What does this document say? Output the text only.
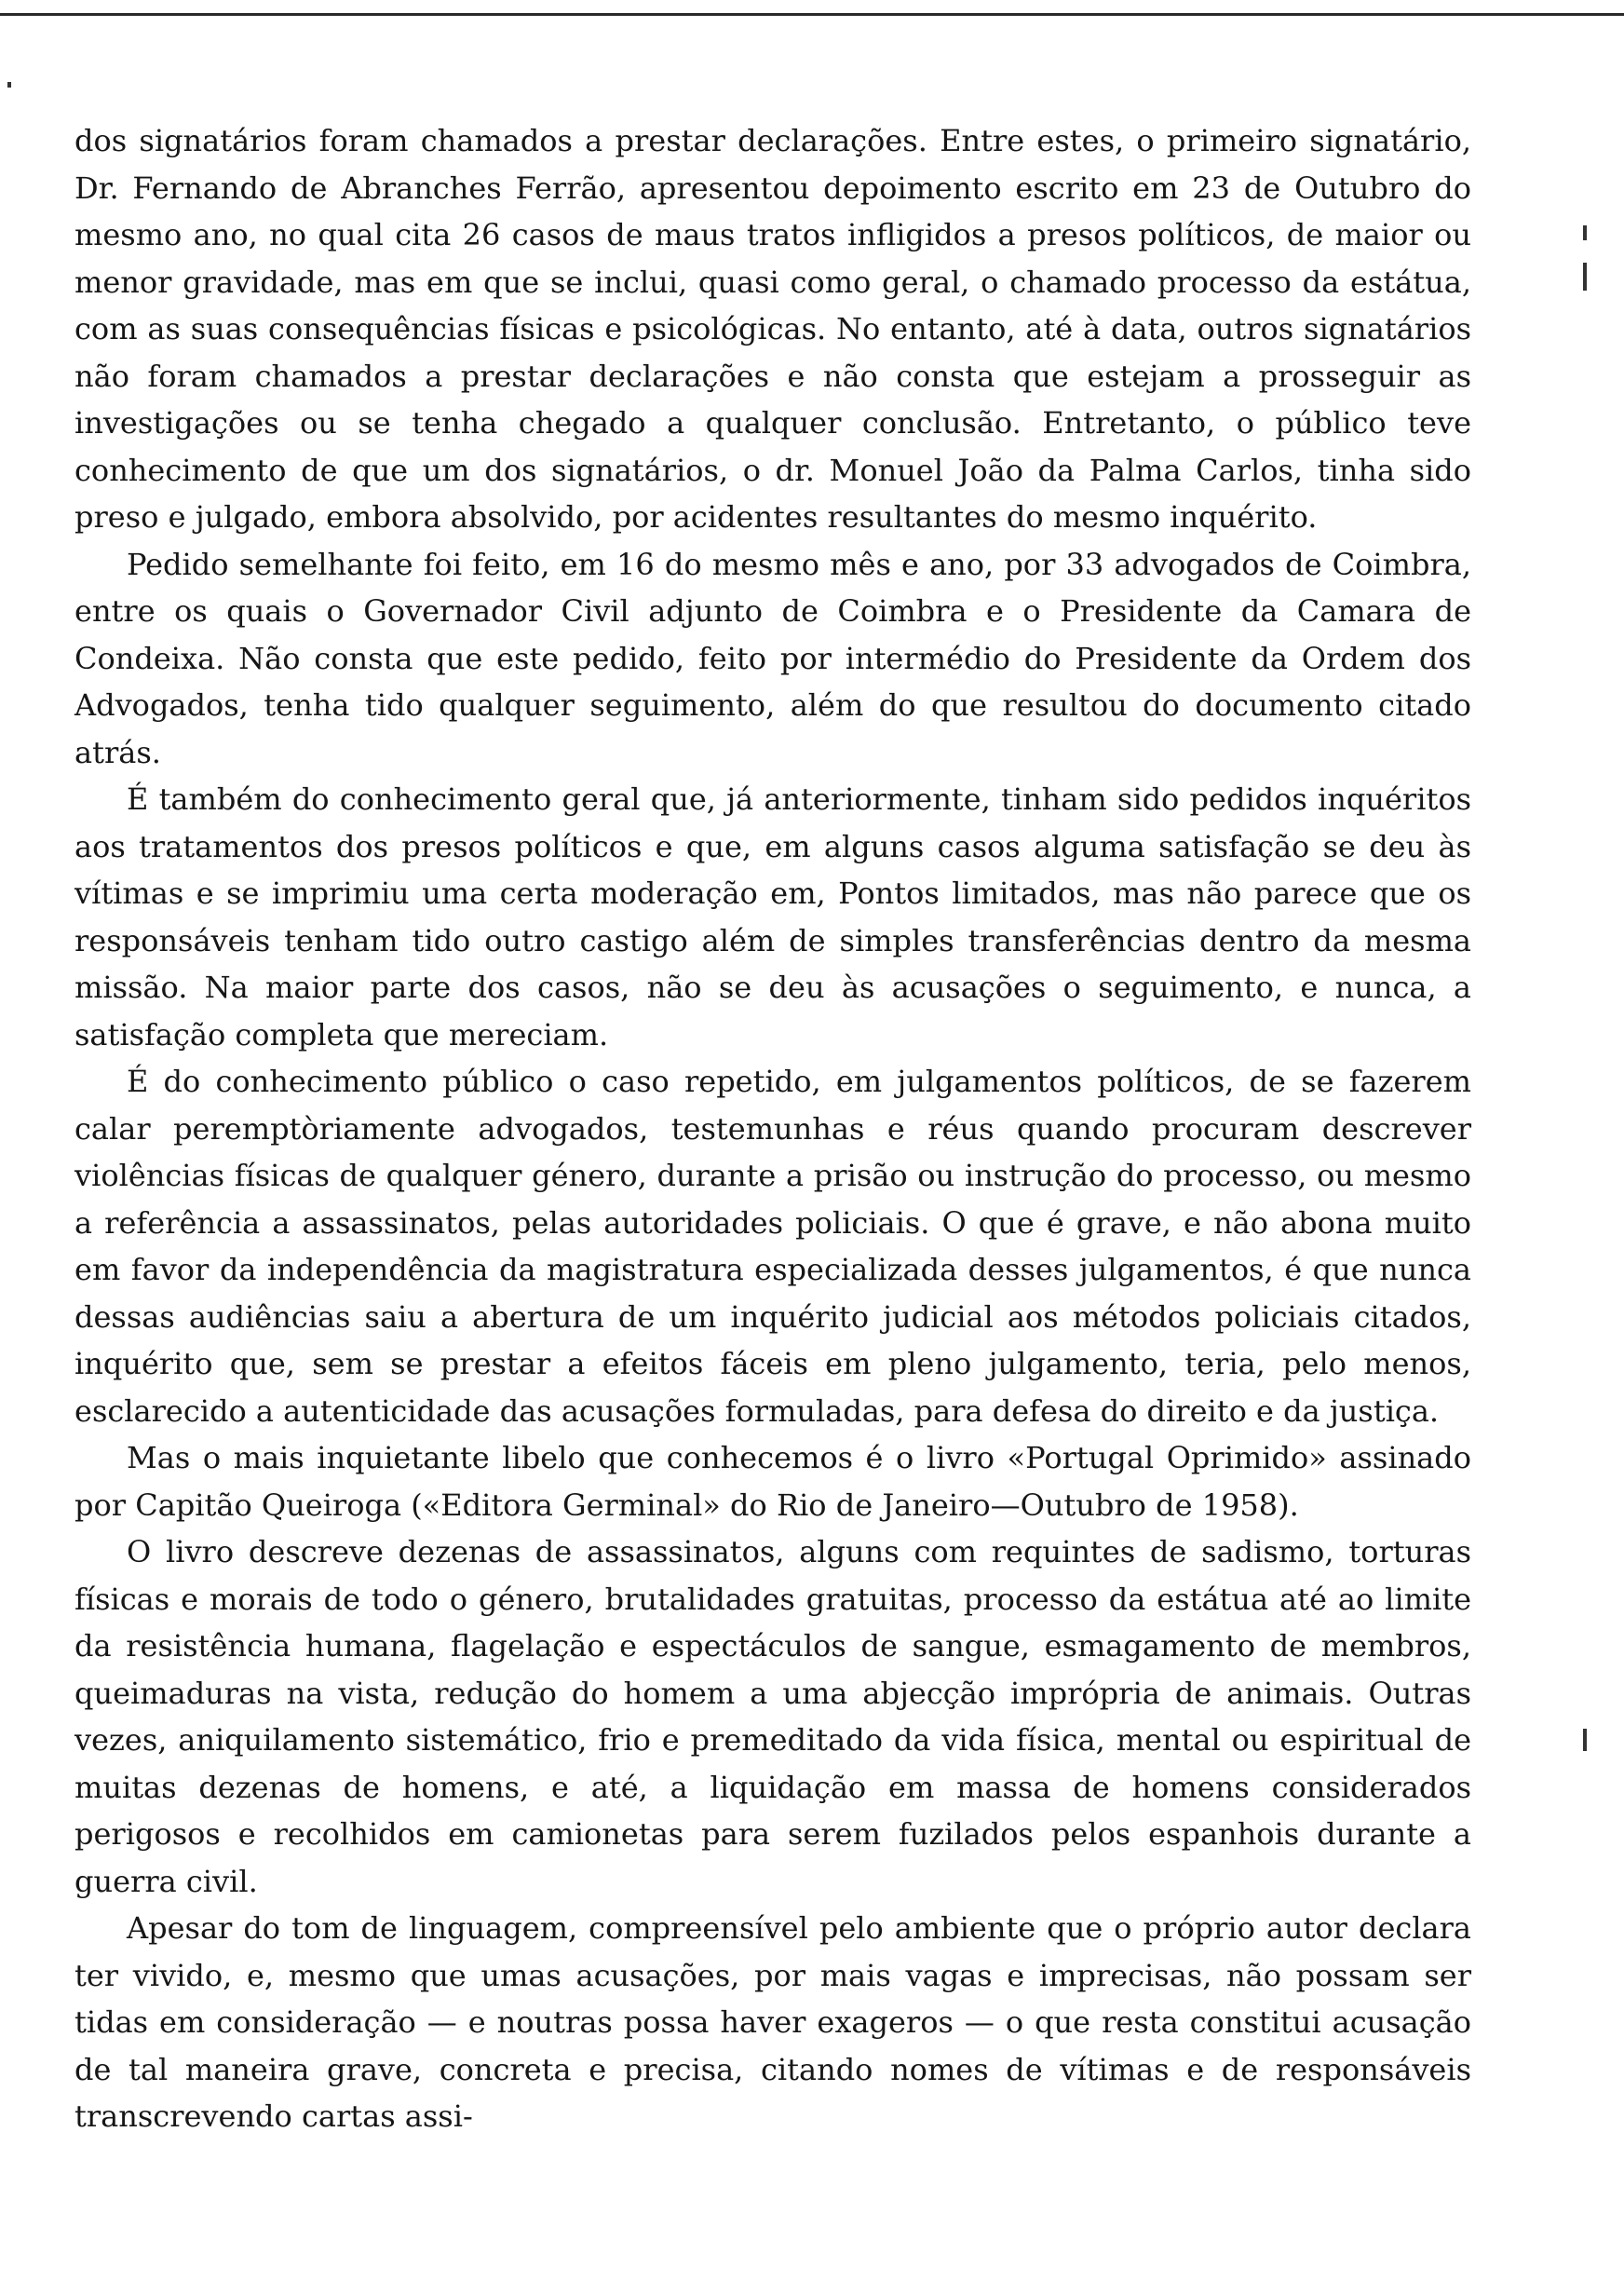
dos signatários foram chamados a prestar declarações. Entre estes, o primeiro signatário, Dr. Fernando de Abranches Ferrão, apresentou depoimento escrito em 23 de Outubro do mesmo ano, no qual cita 26 casos de maus tratos infligidos a presos políticos, de maior ou menor gravidade, mas em que se inclui, quasi como geral, o chamado processo da estátua, com as suas consequências físicas e psicológicas. No entanto, até à data, outros signatários não foram chamados a prestar declarações e não consta que estejam a prosseguir as investigações ou se tenha chegado a qualquer conclusão. Entretanto, o público teve conhecimento de que um dos signatários, o dr. Monuel João da Palma Carlos, tinha sido preso e julgado, embora absolvido, por acidentes resultantes do mesmo inquérito.

Pedido semelhante foi feito, em 16 do mesmo mês e ano, por 33 advogados de Coimbra, entre os quais o Governador Civil adjunto de Coimbra e o Presidente da Camara de Condeixa. Não consta que este pedido, feito por intermédio do Presidente da Ordem dos Advogados, tenha tido qualquer seguimento, além do que resultou do documento citado atrás.

É também do conhecimento geral que, já anteriormente, tinham sido pedidos inquéritos aos tratamentos dos presos políticos e que, em alguns casos alguma satisfação se deu às vítimas e se imprimiu uma certa moderação em, Pontos limitados, mas não parece que os responsáveis tenham tido outro castigo além de simples transferências dentro da mesma missão. Na maior parte dos casos, não se deu às acusações o seguimento, e nunca, a satisfação completa que mereciam.

É do conhecimento público o caso repetido, em julgamentos políticos, de se fazerem calar peremptòriamente advogados, testemunhas e réus quando procuram descrever violências físicas de qualquer género, durante a prisão ou instrução do processo, ou mesmo a referência a assassinatos, pelas autoridades policiais. O que é grave, e não abona muito em favor da independência da magistratura especializada desses julgamentos, é que nunca dessas audiências saiu a abertura de um inquérito judicial aos métodos policiais citados, inquérito que, sem se prestar a efeitos fáceis em pleno julgamento, teria, pelo menos, esclarecido a autenticidade das acusações formuladas, para defesa do direito e da justiça.

Mas o mais inquietante libelo que conhecemos é o livro «Portugal Oprimido» assinado por Capitão Queiroga («Editora Germinal» do Rio de Janeiro—Outubro de 1958).

O livro descreve dezenas de assassinatos, alguns com requintes de sadismo, torturas físicas e morais de todo o género, brutalidades gratuitas, processo da estátua até ao limite da resistência humana, flagelação e espectáculos de sangue, esmagamento de membros, queimaduras na vista, redução do homem a uma abjecção imprópria de animais. Outras vezes, aniquilamento sistemático, frio e premeditado da vida física, mental ou espiritual de muitas dezenas de homens, e até, a liquidação em massa de homens considerados perigosos e recolhidos em camionetas para serem fuzilados pelos espanhois durante a guerra civil.

Apesar do tom de linguagem, compreensível pelo ambiente que o próprio autor declara ter vivido, e, mesmo que umas acusações, por mais vagas e imprecisas, não possam ser tidas em consideração — e noutras possa haver exageros — o que resta constitui acusação de tal maneira grave, concreta e precisa, citando nomes de vítimas e de responsáveis transcrevendo cartas assi-
